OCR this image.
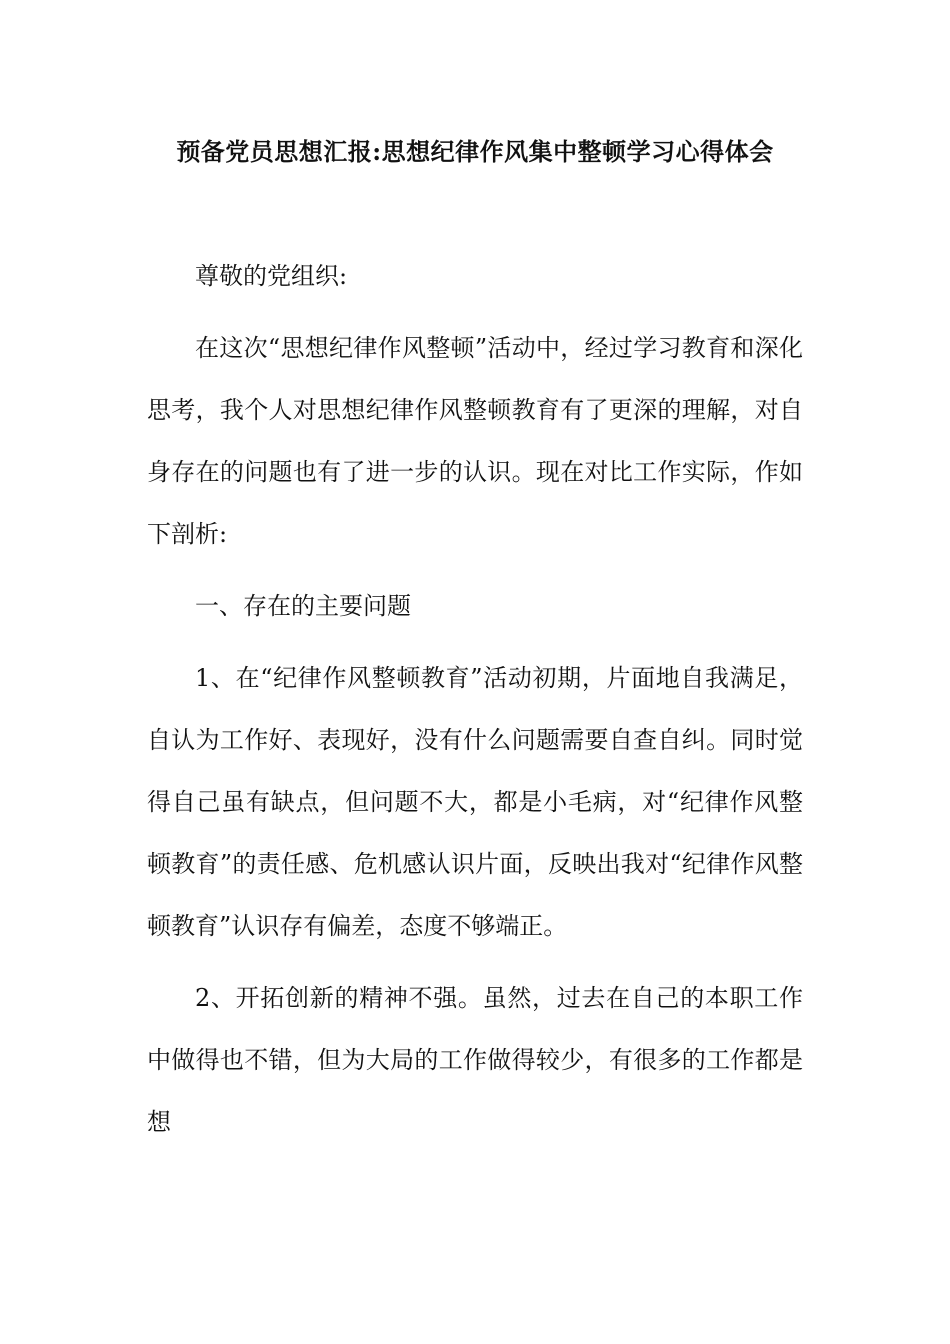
预备党员思想汇报:思想纪律作风集中整顿学习心得体会

尊敬的党组织:

在这次“思想纪律作风整顿”活动中，经过学习教育和深化思考，我个人对思想纪律作风整顿教育有了更深的理解，对自身存在的问题也有了进一步的认识。现在对比工作实际，作如下剖析:

一、存在的主要问题

1、在“纪律作风整顿教育”活动初期，片面地自我满足，自认为工作好、表现好，没有什么问题需要自查自纠。同时觉得自己虽有缺点，但问题不大，都是小毛病，对“纪律作风整顿教育”的责任感、危机感认识片面，反映出我对“纪律作风整顿教育”认识存有偏差，态度不够端正。

2、开拓创新的精神不强。虽然，过去在自己的本职工作中做得也不错，但为大局的工作做得较少，有很多的工作都是想
